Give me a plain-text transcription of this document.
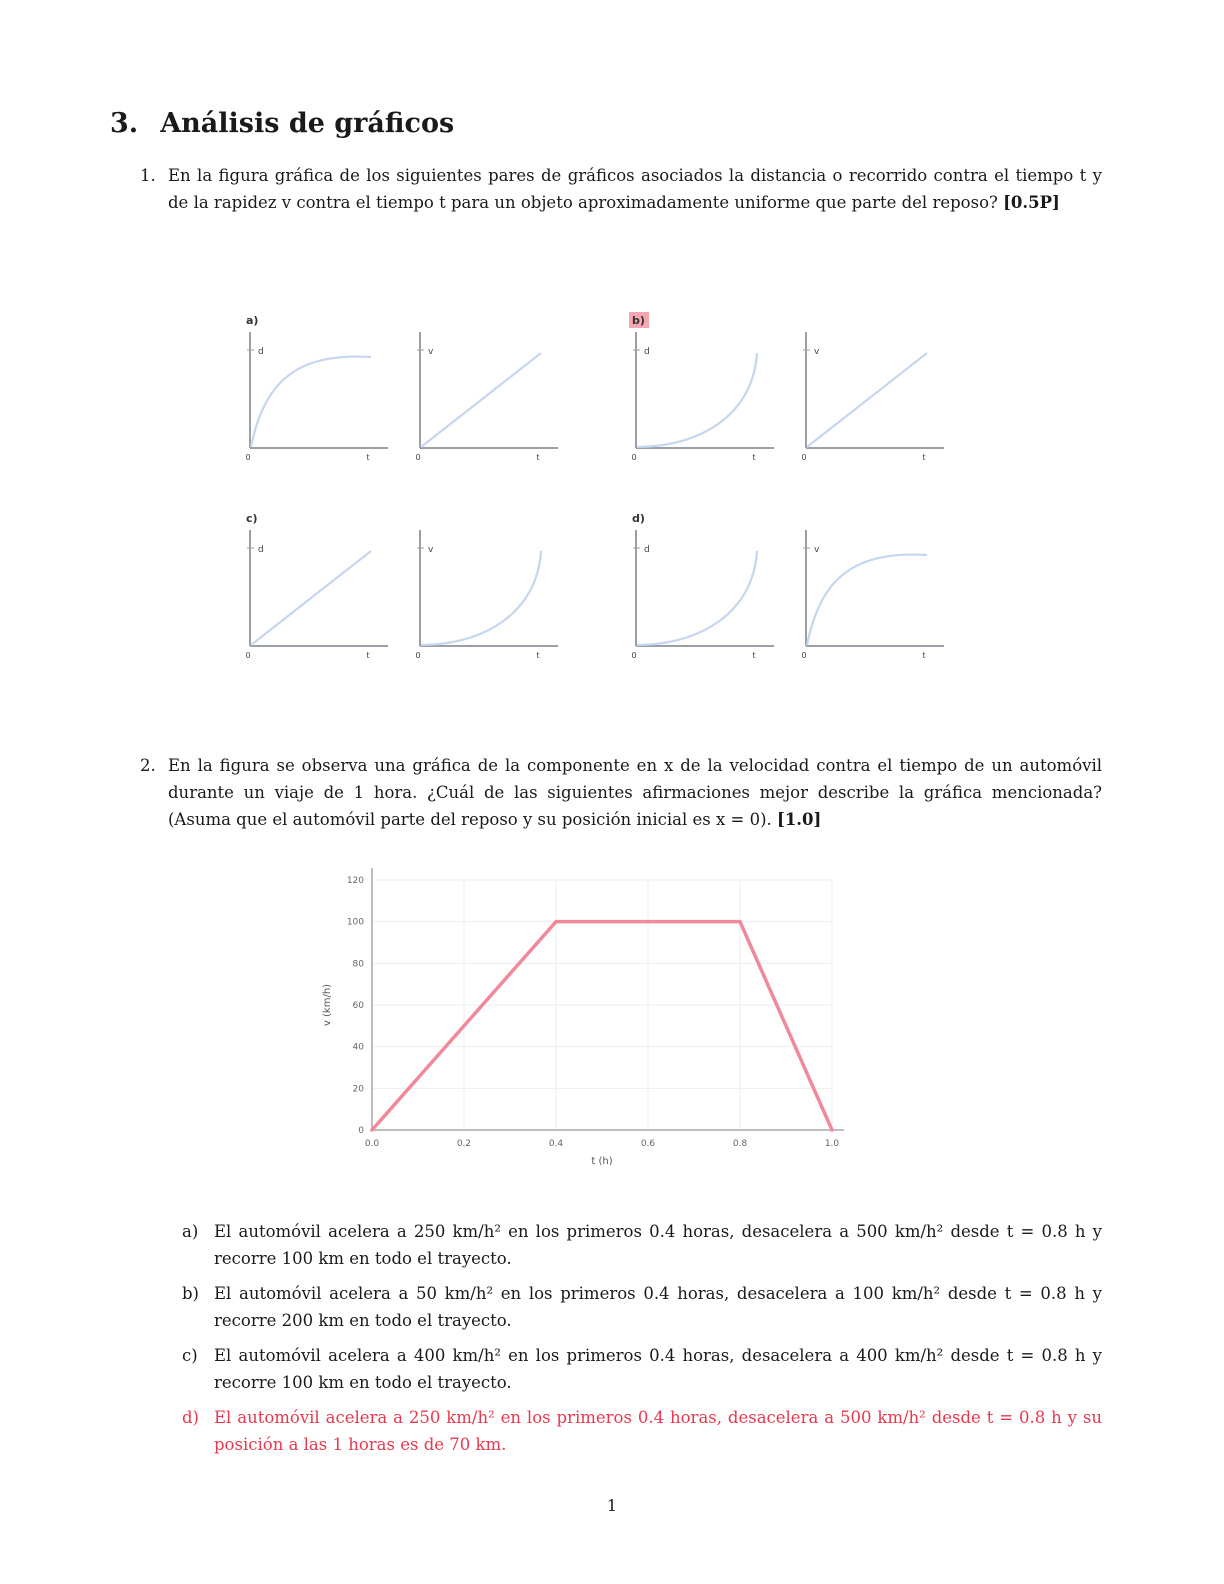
3. Análisis de gráficos
1. En la figura gráfica de los siguientes pares de gráficos asociados la distancia o recorrido contra el tiempo t y de la rapidez v contra el tiempo t para un objeto aproximadamente uniforme que parte del reposo? [0.5P]
a)
d
0	t
v
0	t
b)
d
0	t
v
0	t
c)
d
0	t
v
0	t
d)
d
0	t
v
0	t
2. En la figura se observa una gráfica de la componente en x de la velocidad contra el tiempo de un automóvil durante un viaje de 1 hora. ¿Cuál de las siguientes afirmaciones mejor describe la gráfica mencionada? (Asuma que el automóvil parte del reposo y su posición inicial es x = 0). [1.0]
0.0	0.2	0.4	0.6	0.8	1.0
0
20
40
60
80
100
120
t (h)
v (km/h)
a) El automóvil acelera a 250 km/h² en los primeros 0.4 horas, desacelera a 500 km/h² desde t = 0.8 h y recorre 100 km en todo el trayecto.
b) El automóvil acelera a 50 km/h² en los primeros 0.4 horas, desacelera a 100 km/h² desde t = 0.8 h y recorre 200 km en todo el trayecto.
c) El automóvil acelera a 400 km/h² en los primeros 0.4 horas, desacelera a 400 km/h² desde t = 0.8 h y recorre 100 km en todo el trayecto.
d) El automóvil acelera a 250 km/h² en los primeros 0.4 horas, desacelera a 500 km/h² desde t = 0.8 h y su posición a las 1 horas es de 70 km.
1
